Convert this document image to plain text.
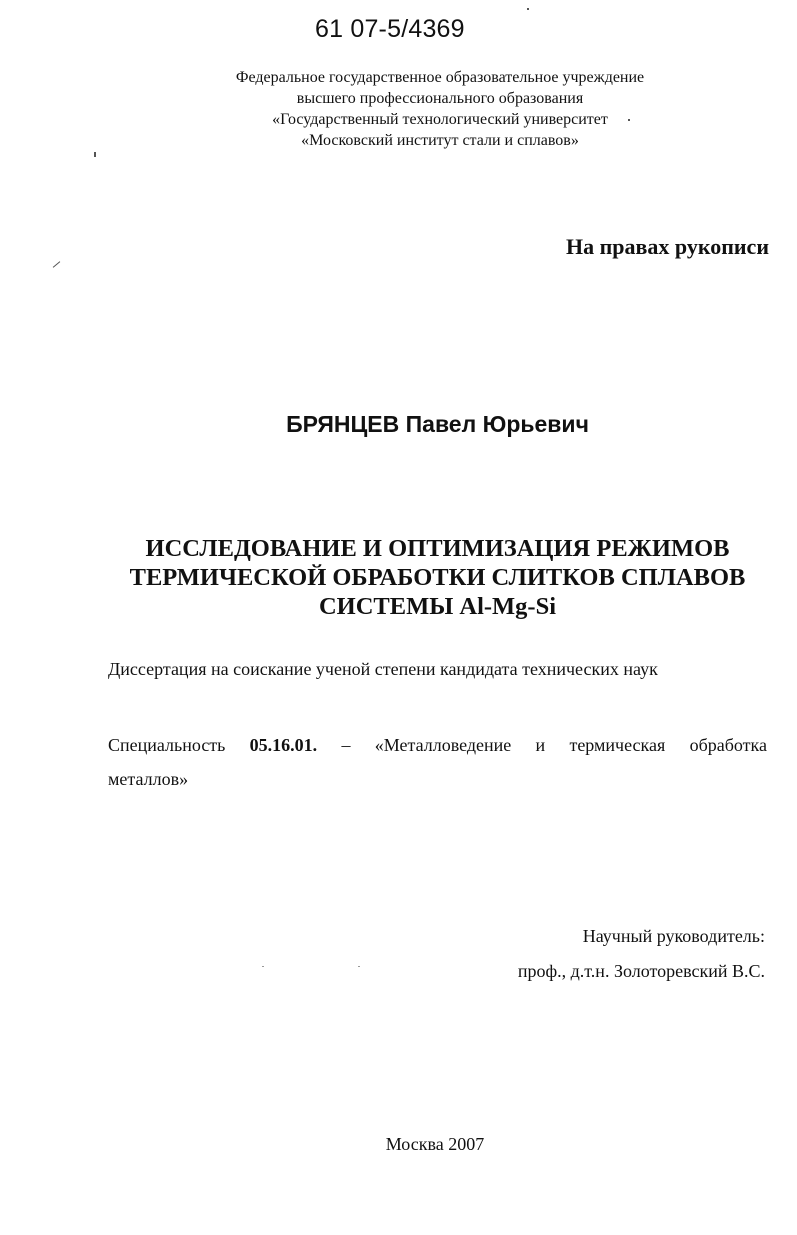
61 07-5/4369
Федеральное государственное образовательное учреждение
высшего профессионального образования
«Государственный технологический университет
«Московский институт стали и сплавов»
На правах рукописи
БРЯНЦЕВ Павел Юрьевич
ИССЛЕДОВАНИЕ И ОПТИМИЗАЦИЯ РЕЖИМОВ
ТЕРМИЧЕСКОЙ ОБРАБОТКИ СЛИТКОВ СПЛАВОВ
СИСТЕМЫ Al-Mg-Si
Диссертация на соискание ученой степени кандидата технических наук
Специальность 05.16.01. – «Металловедение и термическая обработка
металлов»
Научный руководитель:
проф., д.т.н. Золоторевский В.С.
Москва 2007
